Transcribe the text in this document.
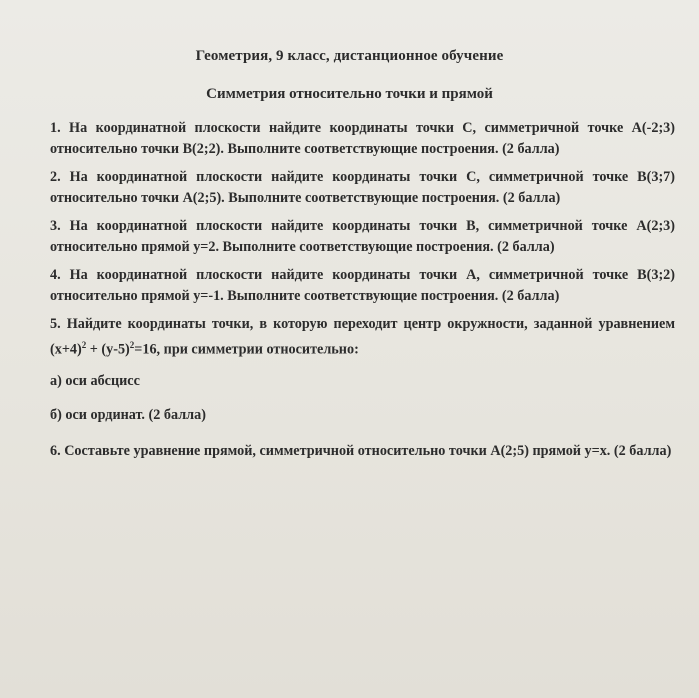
Геометрия, 9 класс, дистанционное обучение
Симметрия относительно точки и прямой
1. На координатной плоскости найдите координаты точки С, симметричной точке А(-2;3) относительно точки В(2;2). Выполните соответствующие построения. (2 балла)
2. На координатной плоскости найдите координаты точки С, симметричной точке В(3;7) относительно точки А(2;5). Выполните соответствующие построения. (2 балла)
3. На координатной плоскости найдите координаты точки В, симметричной точке А(2;3) относительно прямой y=2. Выполните соответствующие построения. (2 балла)
4. На координатной плоскости найдите координаты точки А, симметричной точке В(3;2) относительно прямой y=-1. Выполните соответствующие построения. (2 балла)
5. Найдите координаты точки, в которую переходит центр окружности, заданной уравнением $(x+4)^2 + (y-5)^2=16$, при симметрии относительно:
а) оси абсцисс
б) оси ординат. (2 балла)
6. Составьте уравнение прямой, симметричной относительно точки А(2;5) прямой y=x. (2 балла)
